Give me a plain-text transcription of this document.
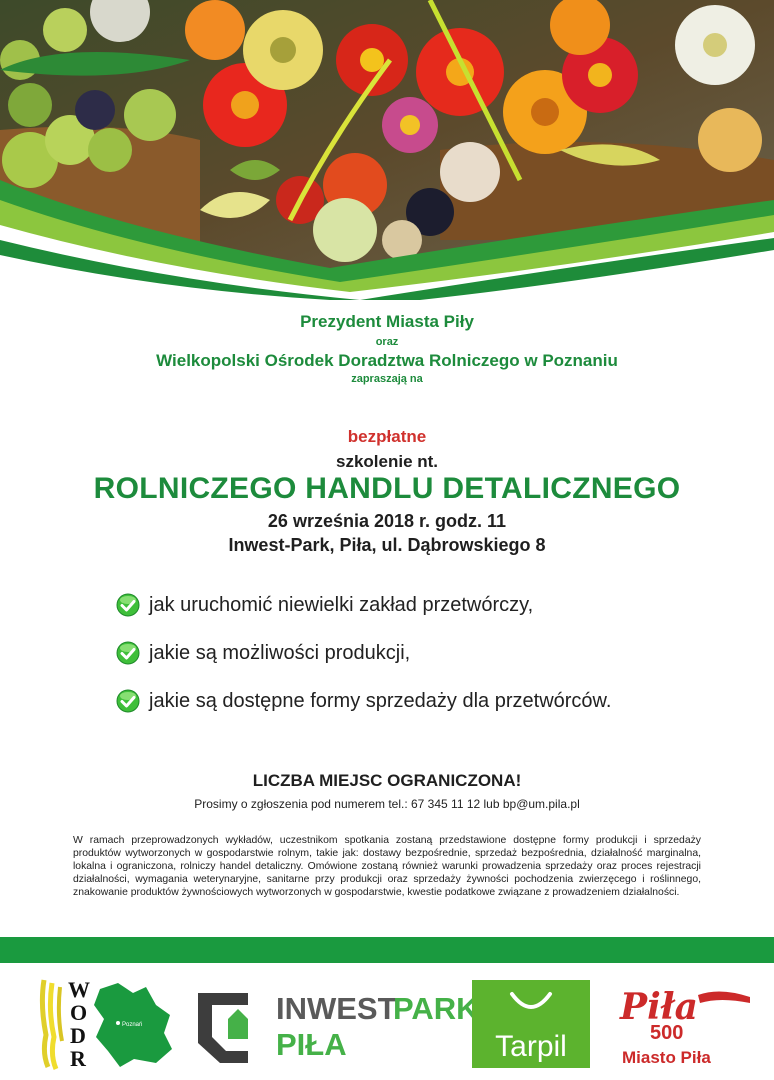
Prezydent Miasta Piły
oraz
Wielkopolski Ośrodek Doradztwa Rolniczego w Poznaniu
zapraszają na
bezpłatne
szkolenie nt.
ROLNICZEGO HANDLU DETALICZNEGO
26 września 2018 r. godz. 11
Inwest-Park, Piła, ul. Dąbrowskiego 8
jak uruchomić niewielki zakład przetwórczy,
jakie są możliwości produkcji,
jakie są dostępne formy sprzedaży dla przetwórców.
LICZBA MIEJSC OGRANICZONA!
Prosimy o zgłoszenia pod numerem tel.: 67 345 11 12 lub bp@um.pila.pl
W ramach przeprowadzonych wykładów, uczestnikom spotkania zostaną przedstawione dostępne formy produkcji i sprzedaży produktów wytworzonych w gospodarstwie rolnym, takie jak: dostawy bezpośrednie, sprzedaż bezpośrednia, działalność marginalna, lokalna i ograniczona, rolniczy handel detaliczny. Omówione zostaną również warunki prowadzenia sprzedaży oraz proces rejestracji działalności, wymagania weterynaryjne, sanitarne przy produkcji oraz sprzedaży żywności pochodzenia zwierzęcego i roślinnego, znakowanie produktów żywnościowych wytworzonych w gospodarstwie, kwestie podatkowe związane z prowadzeniem działalności.
W
O
D
R
Poznań	INWEST
PARK
PIŁA	Tarpil
Piła
500
Miasto Piła
